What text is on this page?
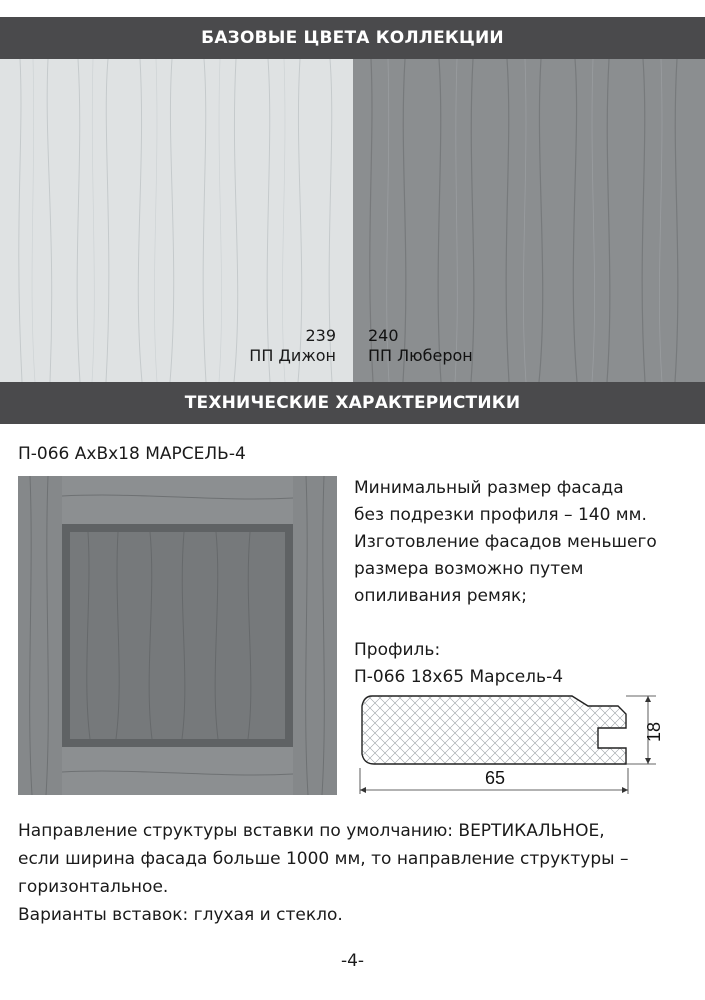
БАЗОВЫЕ ЦВЕТА КОЛЛЕКЦИИ
239
ПП Дижон
240
ПП Люберон
ТЕХНИЧЕСКИЕ ХАРАКТЕРИСТИКИ
П-066 АхВх18 МАРСЕЛЬ-4
Минимальный размер фасада
без подрезки профиля – 140 мм.
Изготовление фасадов меньшего
размера возможно путем
опиливания ремяк;
Профиль:
П-066 18х65 Марсель-4
18
65
Направление структуры вставки по умолчанию: ВЕРТИКАЛЬНОЕ,
если ширина фасада больше 1000 мм, то направление структуры –
горизонтальное.
Варианты вставок: глухая и стекло.
-4-
